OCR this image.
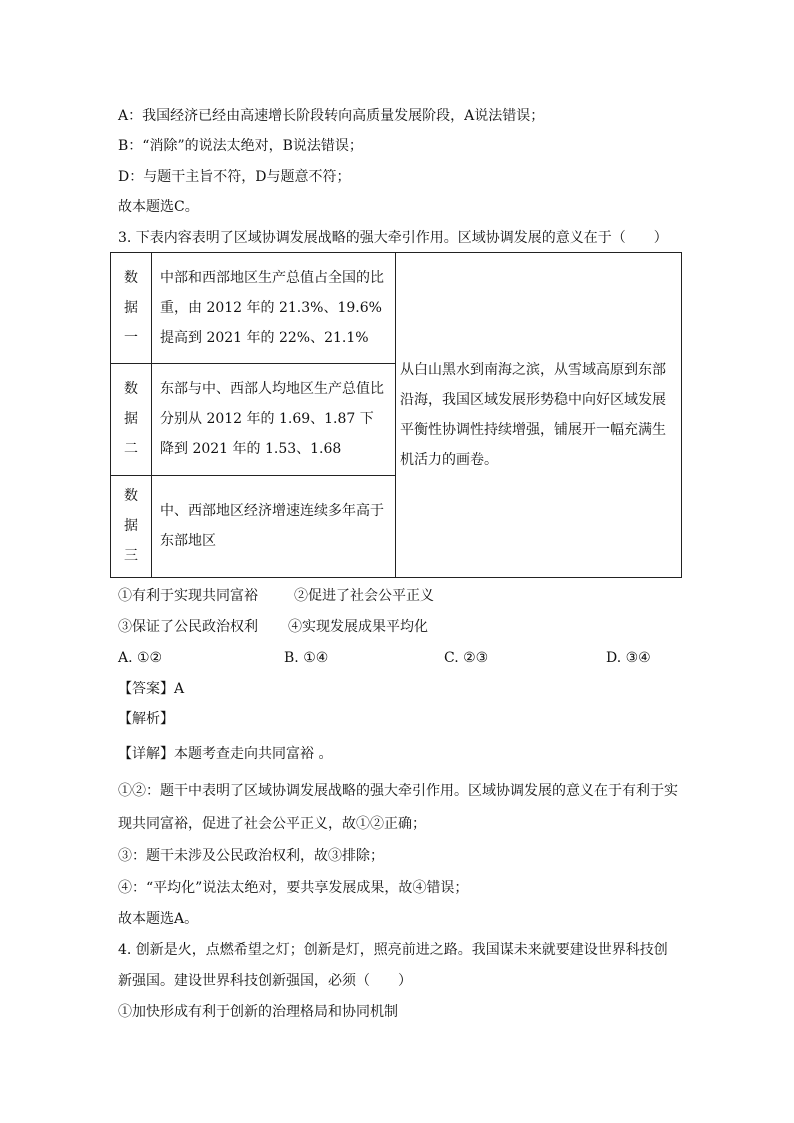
A：我国经济已经由高速增长阶段转向高质量发展阶段，A说法错误；
B：“消除”的说法太绝对，B说法错误；
D：与题干主旨不符，D与题意不符；
故本题选C。
3. 下表内容表明了区域协调发展战略的强大牵引作用。区域协调发展的意义在于（　　）
数
据
一	中部和西部地区生产总值占全国的比重，由 2012 年的 21.3%、19.6%提高到 2021 年的 22%、21.1%	从白山黑水到南海之滨，从雪域高原到东部沿海，我国区域发展形势稳中向好区域发展平衡性协调性持续增强，铺展开一幅充满生机活力的画卷。

数
据
二	东部与中、西部人均地区生产总值比分别从 2012 年的 1.69、1.87 下降到 2021 年的 1.53、1.68	

数
据
三	中、西部地区经济增速连续多年高于东部地区	
①有利于实现共同富裕	②促进了社会公平正义
③保证了公民政治权利 ④实现发展成果平均化
A. ①②	B. ①④	C. ②③	D. ③④
【答案】A
【解析】
【详解】本题考查走向共同富裕 。
①②：题干中表明了区域协调发展战略的强大牵引作用。区域协调发展的意义在于有利于实
现共同富裕，促进了社会公平正义，故①②正确；
③：题干未涉及公民政治权利，故③排除；
④：“平均化”说法太绝对，要共享发展成果，故④错误；
故本题选A。
4. 创新是火，点燃希望之灯；创新是灯，照亮前进之路。我国谋未来就要建设世界科技创
新强国。建设世界科技创新强国，必须（　　）
①加快形成有利于创新的治理格局和协同机制
